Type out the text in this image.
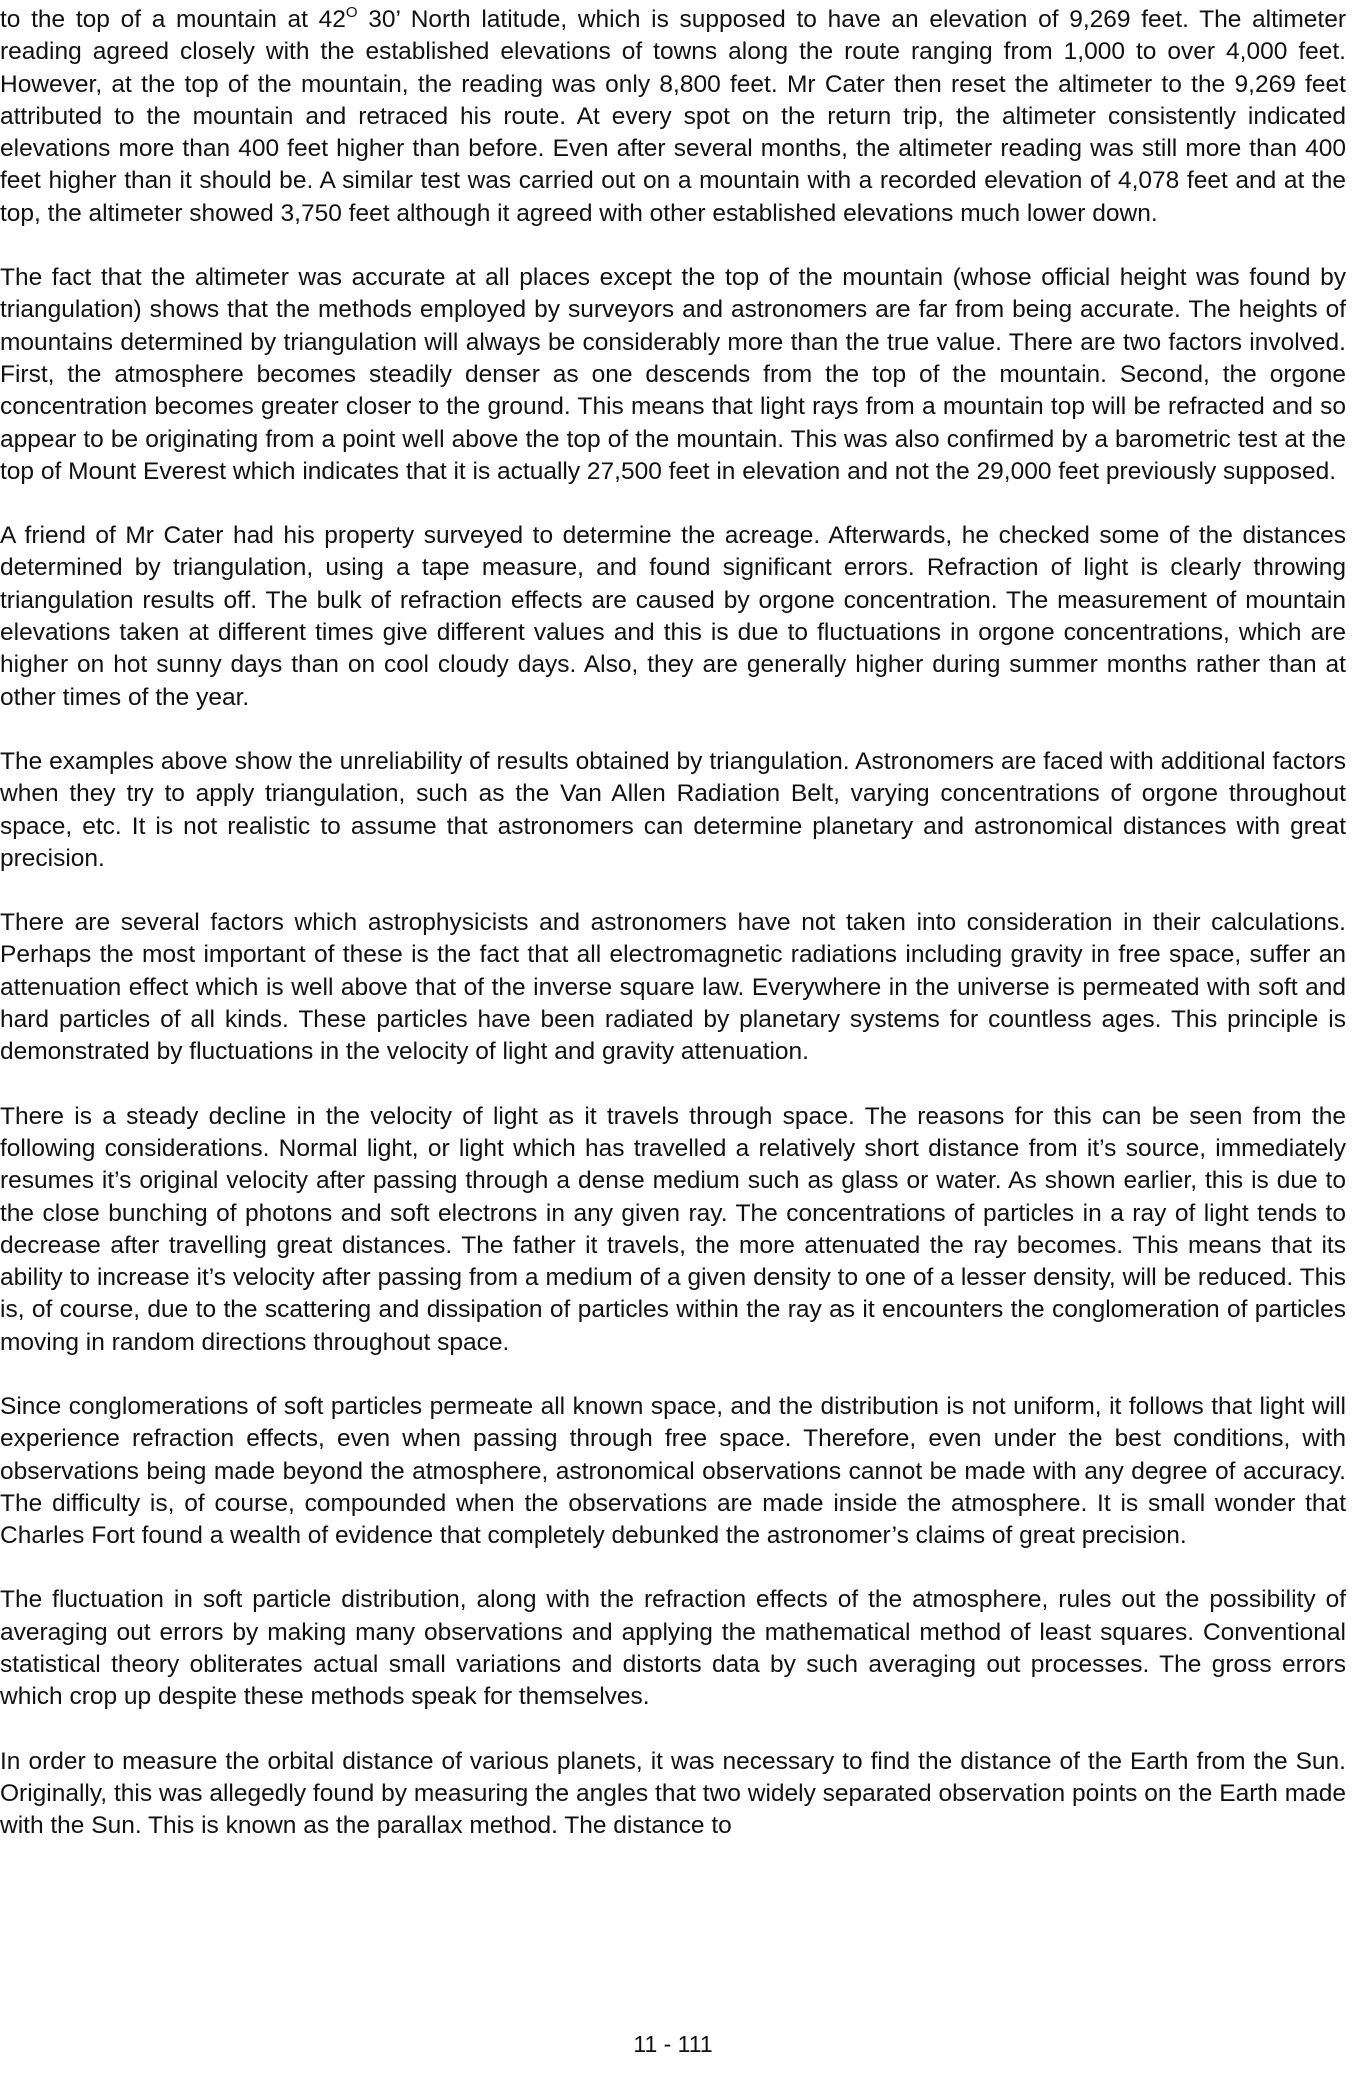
to the top of a mountain at $42^O$ 30’ North latitude, which is supposed to have an elevation of 9,269 feet. The altimeter reading agreed closely with the established elevations of towns along the route ranging from 1,000 to over 4,000 feet. However, at the top of the mountain, the reading was only 8,800 feet. Mr Cater then reset the altimeter to the 9,269 feet attributed to the mountain and retraced his route. At every spot on the return trip, the altimeter consistently indicated elevations more than 400 feet higher than before. Even after several months, the altimeter reading was still more than 400 feet higher than it should be. A similar test was carried out on a mountain with a recorded elevation of 4,078 feet and at the top, the altimeter showed 3,750 feet although it agreed with other established elevations much lower down.

The fact that the altimeter was accurate at all places except the top of the mountain (whose official height was found by triangulation) shows that the methods employed by surveyors and astronomers are far from being accurate. The heights of mountains determined by triangulation will always be considerably more than the true value. There are two factors involved. First, the atmosphere becomes steadily denser as one descends from the top of the mountain. Second, the orgone concentration becomes greater closer to the ground. This means that light rays from a mountain top will be refracted and so appear to be originating from a point well above the top of the mountain. This was also confirmed by a barometric test at the top of Mount Everest which indicates that it is actually 27,500 feet in elevation and not the 29,000 feet previously supposed.

A friend of Mr Cater had his property surveyed to determine the acreage. Afterwards, he checked some of the distances determined by triangulation, using a tape measure, and found significant errors. Refraction of light is clearly throwing triangulation results off. The bulk of refraction effects are caused by orgone concentration. The measurement of mountain elevations taken at different times give different values and this is due to fluctuations in orgone concentrations, which are higher on hot sunny days than on cool cloudy days. Also, they are generally higher during summer months rather than at other times of the year.

The examples above show the unreliability of results obtained by triangulation. Astronomers are faced with additional factors when they try to apply triangulation, such as the Van Allen Radiation Belt, varying concentrations of orgone throughout space, etc. It is not realistic to assume that astronomers can determine planetary and astronomical distances with great precision.

There are several factors which astrophysicists and astronomers have not taken into consideration in their calculations. Perhaps the most important of these is the fact that all electromagnetic radiations including gravity in free space, suffer an attenuation effect which is well above that of the inverse square law. Everywhere in the universe is permeated with soft and hard particles of all kinds. These particles have been radiated by planetary systems for countless ages. This principle is demonstrated by fluctuations in the velocity of light and gravity attenuation.

There is a steady decline in the velocity of light as it travels through space. The reasons for this can be seen from the following considerations. Normal light, or light which has travelled a relatively short distance from it’s source, immediately resumes it’s original velocity after passing through a dense medium such as glass or water. As shown earlier, this is due to the close bunching of photons and soft electrons in any given ray. The concentrations of particles in a ray of light tends to decrease after travelling great distances. The father it travels, the more attenuated the ray becomes. This means that its ability to increase it’s velocity after passing from a medium of a given density to one of a lesser density, will be reduced. This is, of course, due to the scattering and dissipation of particles within the ray as it encounters the conglomeration of particles moving in random directions throughout space.

Since conglomerations of soft particles permeate all known space, and the distribution is not uniform, it follows that light will experience refraction effects, even when passing through free space. Therefore, even under the best conditions, with observations being made beyond the atmosphere, astronomical observations cannot be made with any degree of accuracy. The difficulty is, of course, compounded when the observations are made inside the atmosphere. It is small wonder that Charles Fort found a wealth of evidence that completely debunked the astronomer’s claims of great precision.

The fluctuation in soft particle distribution, along with the refraction effects of the atmosphere, rules out the possibility of averaging out errors by making many observations and applying the mathematical method of least squares. Conventional statistical theory obliterates actual small variations and distorts data by such averaging out processes. The gross errors which crop up despite these methods speak for themselves.

In order to measure the orbital distance of various planets, it was necessary to find the distance of the Earth from the Sun. Originally, this was allegedly found by measuring the angles that two widely separated observation points on the Earth made with the Sun. This is known as the parallax method. The distance to

11 - 111
